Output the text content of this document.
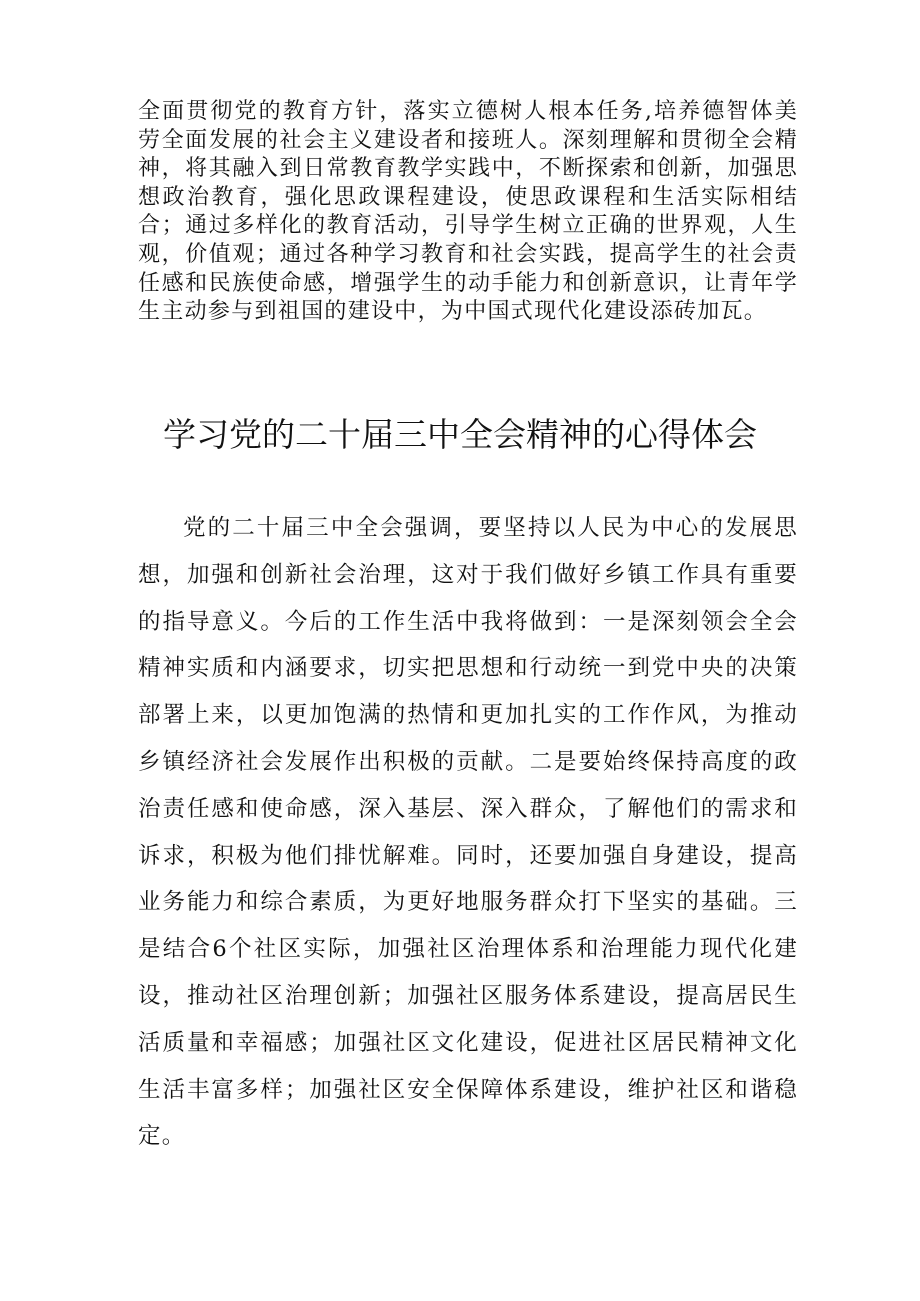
全面贯彻党的教育方针，落实立德树人根本任务,培养德智体美劳全面发展的社会主义建设者和接班人。深刻理解和贯彻全会精神，将其融入到日常教育教学实践中，不断探索和创新，加强思想政治教育，强化思政课程建设，使思政课程和生活实际相结合；通过多样化的教育活动，引导学生树立正确的世界观，人生观，价值观；通过各种学习教育和社会实践，提高学生的社会责任感和民族使命感，增强学生的动手能力和创新意识，让青年学生主动参与到祖国的建设中，为中国式现代化建设添砖加瓦。

学习党的二十届三中全会精神的心得体会

党的二十届三中全会强调，要坚持以人民为中心的发展思想，加强和创新社会治理，这对于我们做好乡镇工作具有重要的指导意义。今后的工作生活中我将做到：一是深刻领会全会精神实质和内涵要求，切实把思想和行动统一到党中央的决策部署上来，以更加饱满的热情和更加扎实的工作作风，为推动乡镇经济社会发展作出积极的贡献。二是要始终保持高度的政治责任感和使命感，深入基层、深入群众，了解他们的需求和诉求，积极为他们排忧解难。同时，还要加强自身建设，提高业务能力和综合素质，为更好地服务群众打下坚实的基础。三是结合6个社区实际，加强社区治理体系和治理能力现代化建设，推动社区治理创新；加强社区服务体系建设，提高居民生活质量和幸福感；加强社区文化建设，促进社区居民精神文化生活丰富多样；加强社区安全保障体系建设，维护社区和谐稳定。
